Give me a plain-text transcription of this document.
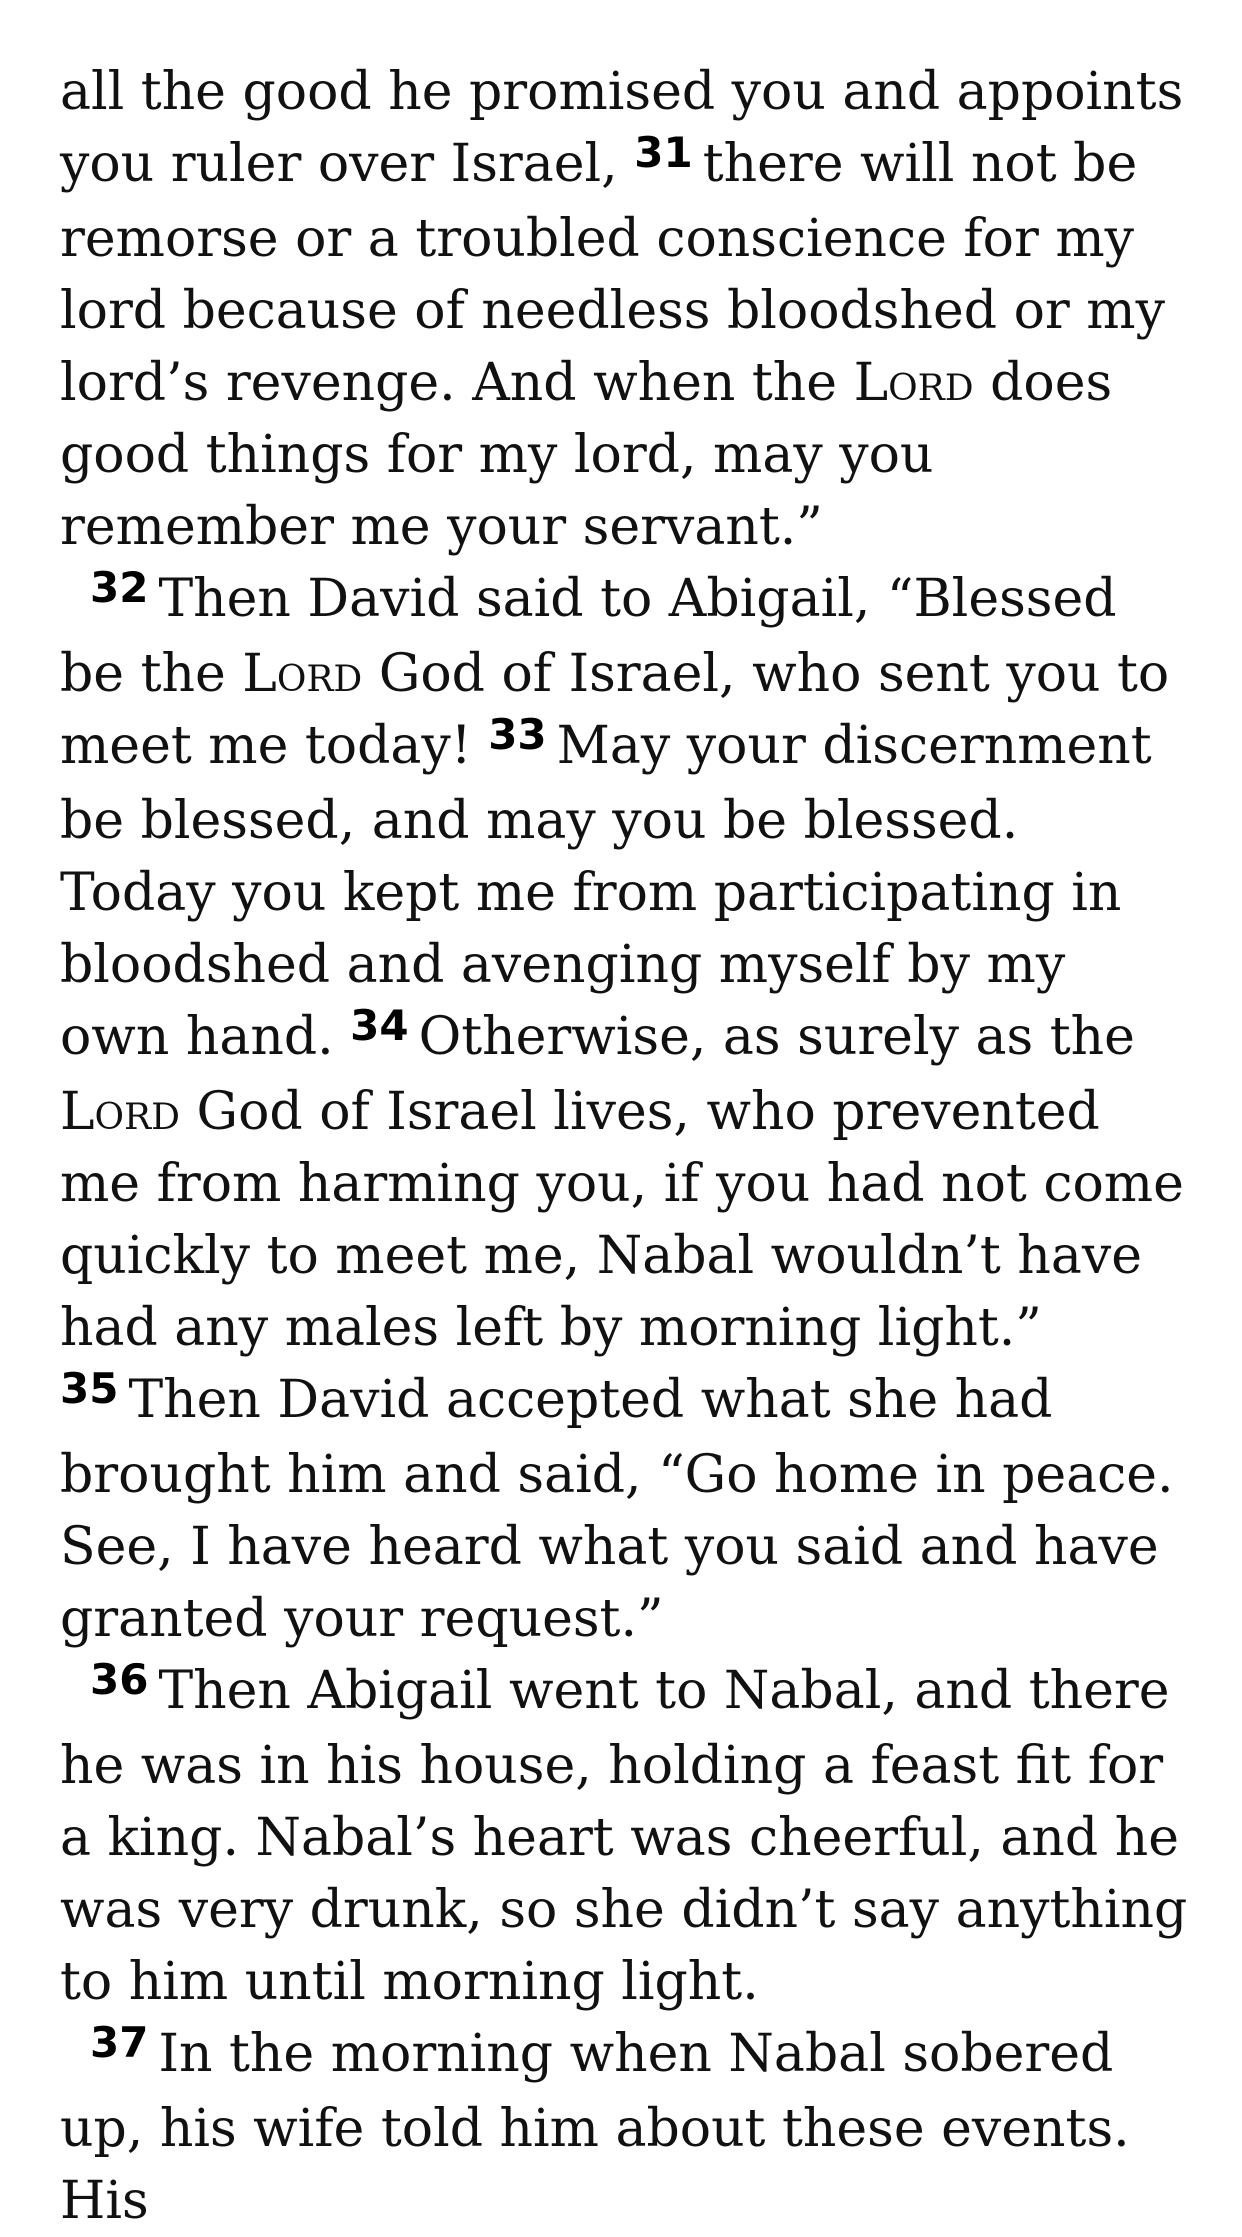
all the good he promised you and appoints you ruler over Israel, $^{31}$ there will not be remorse or a troubled conscience for my lord because of needless bloodshed or my lord’s revenge. And when the Lord does good things for my lord, may you remember me your servant.”

$^{32}$ Then David said to Abigail, “Blessed be the Lord God of Israel, who sent you to meet me today! $^{33}$ May your discernment be blessed, and may you be blessed. Today you kept me from participating in bloodshed and avenging myself by my own hand. $^{34}$ Otherwise, as surely as the Lord God of Israel lives, who prevented me from harming you, if you had not come quickly to meet me, Nabal wouldn’t have had any males left by morning light.” $^{35}$ Then David accepted what she had brought him and said, “Go home in peace. See, I have heard what you said and have granted your request.”

$^{36}$ Then Abigail went to Nabal, and there he was in his house, holding a feast fit for a king. Nabal’s heart was cheerful, and he was very drunk, so she didn’t say anything to him until morning light.

$^{37}$ In the morning when Nabal sobered up, his wife told him about these events. His
